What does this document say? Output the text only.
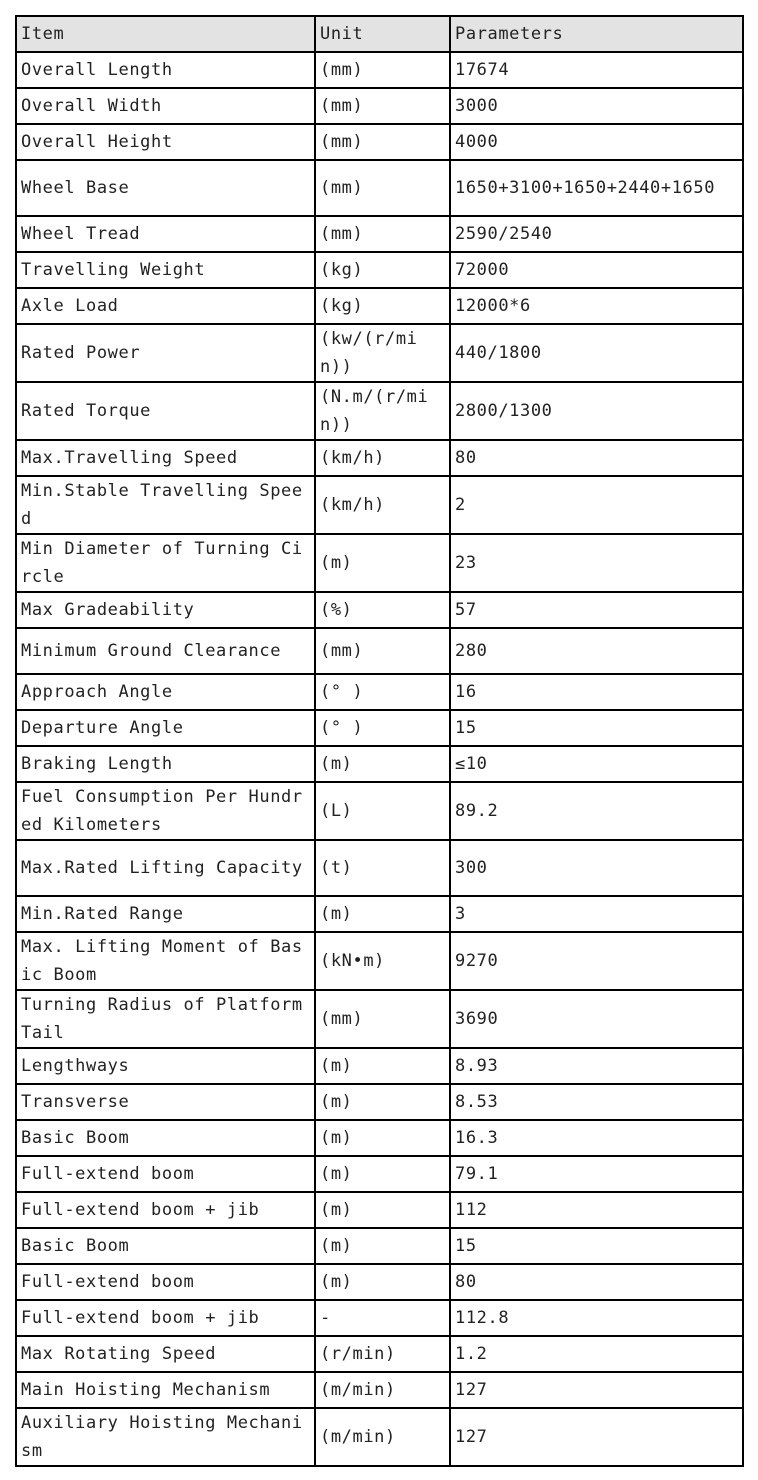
Item	Unit	Parameters
Overall Length	(mm)	17674
Overall Width	(mm)	3000
Overall Height	(mm)	4000
Wheel Base	(mm)	1650+3100+1650+2440+1650
Wheel Tread	(mm)	2590/2540
Travelling Weight	(kg)	72000
Axle Load	(kg)	12000*6
Rated Power	(kw/(r/min))	440/1800
Rated Torque	(N.m/(r/min))	2800/1300
Max.Travelling Speed	(km/h)	80
Min.Stable Travelling Speed	(km/h)	2
Min Diameter of Turning Circle	(m)	23
Max Gradeability	(%)	57
Minimum Ground Clearance	(mm)	280
Approach Angle	(° )	16
Departure Angle	(° )	15
Braking Length	(m)	≤10
Fuel Consumption Per Hundred Kilometers	(L)	89.2
Max.Rated Lifting Capacity	(t)	300
Min.Rated Range	(m)	3
Max. Lifting Moment of Basic Boom	(kN•m)	9270
Turning Radius of Platform Tail	(mm)	3690
Lengthways	(m)	8.93
Transverse	(m)	8.53
Basic Boom	(m)	16.3
Full-extend boom	(m)	79.1
Full-extend boom + jib	(m)	112
Basic Boom	(m)	15
Full-extend boom	(m)	80
Full-extend boom + jib	-	112.8
Max Rotating Speed	(r/min)	1.2
Main Hoisting Mechanism	(m/min)	127
Auxiliary Hoisting Mechanism	(m/min)	127
